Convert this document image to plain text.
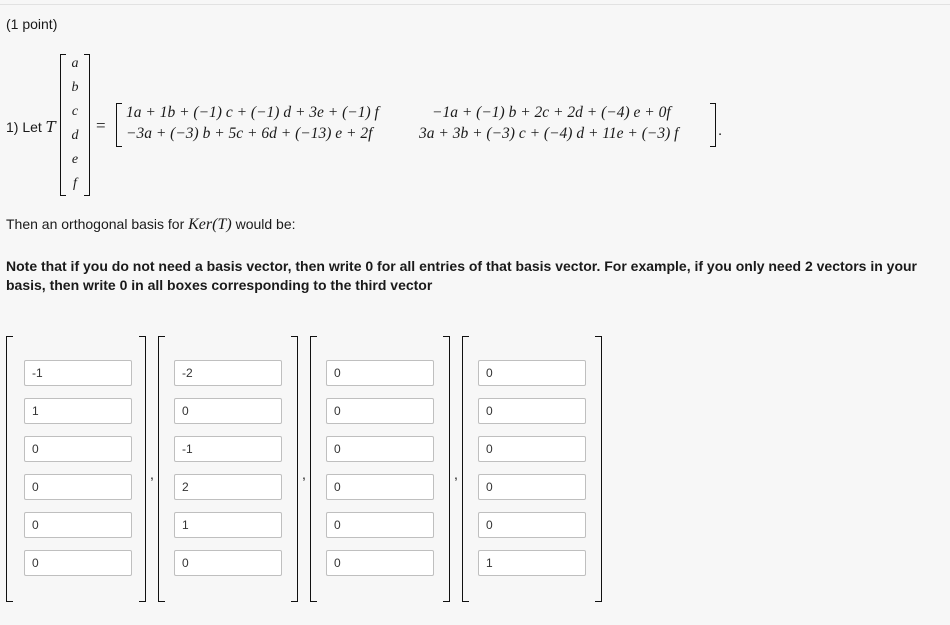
(1 point)
1) Let T
a
b
c
d
e
f
=
1a + 1b + (−1) c + (−1) d + 3e + (−1) f	−1a + (−1) b + 2c + 2d + (−4) e + 0f
−3a + (−3) b + 5c + 6d + (−13) e + 2f	3a + 3b + (−3) c + (−4) d + 11e + (−3) f	.
Then an orthogonal basis for Ker(T) would be:
Note that if you do not need a basis vector, then write 0 for all entries of that basis vector. For example, if you only need 2 vectors in your basis, then write 0 in all boxes corresponding to the third vector
-1
1
0
0
0
0
,
-2
0
-1
2
1
0	,
0
0
0
0
0
0	,
0
0
0
0
0
1
